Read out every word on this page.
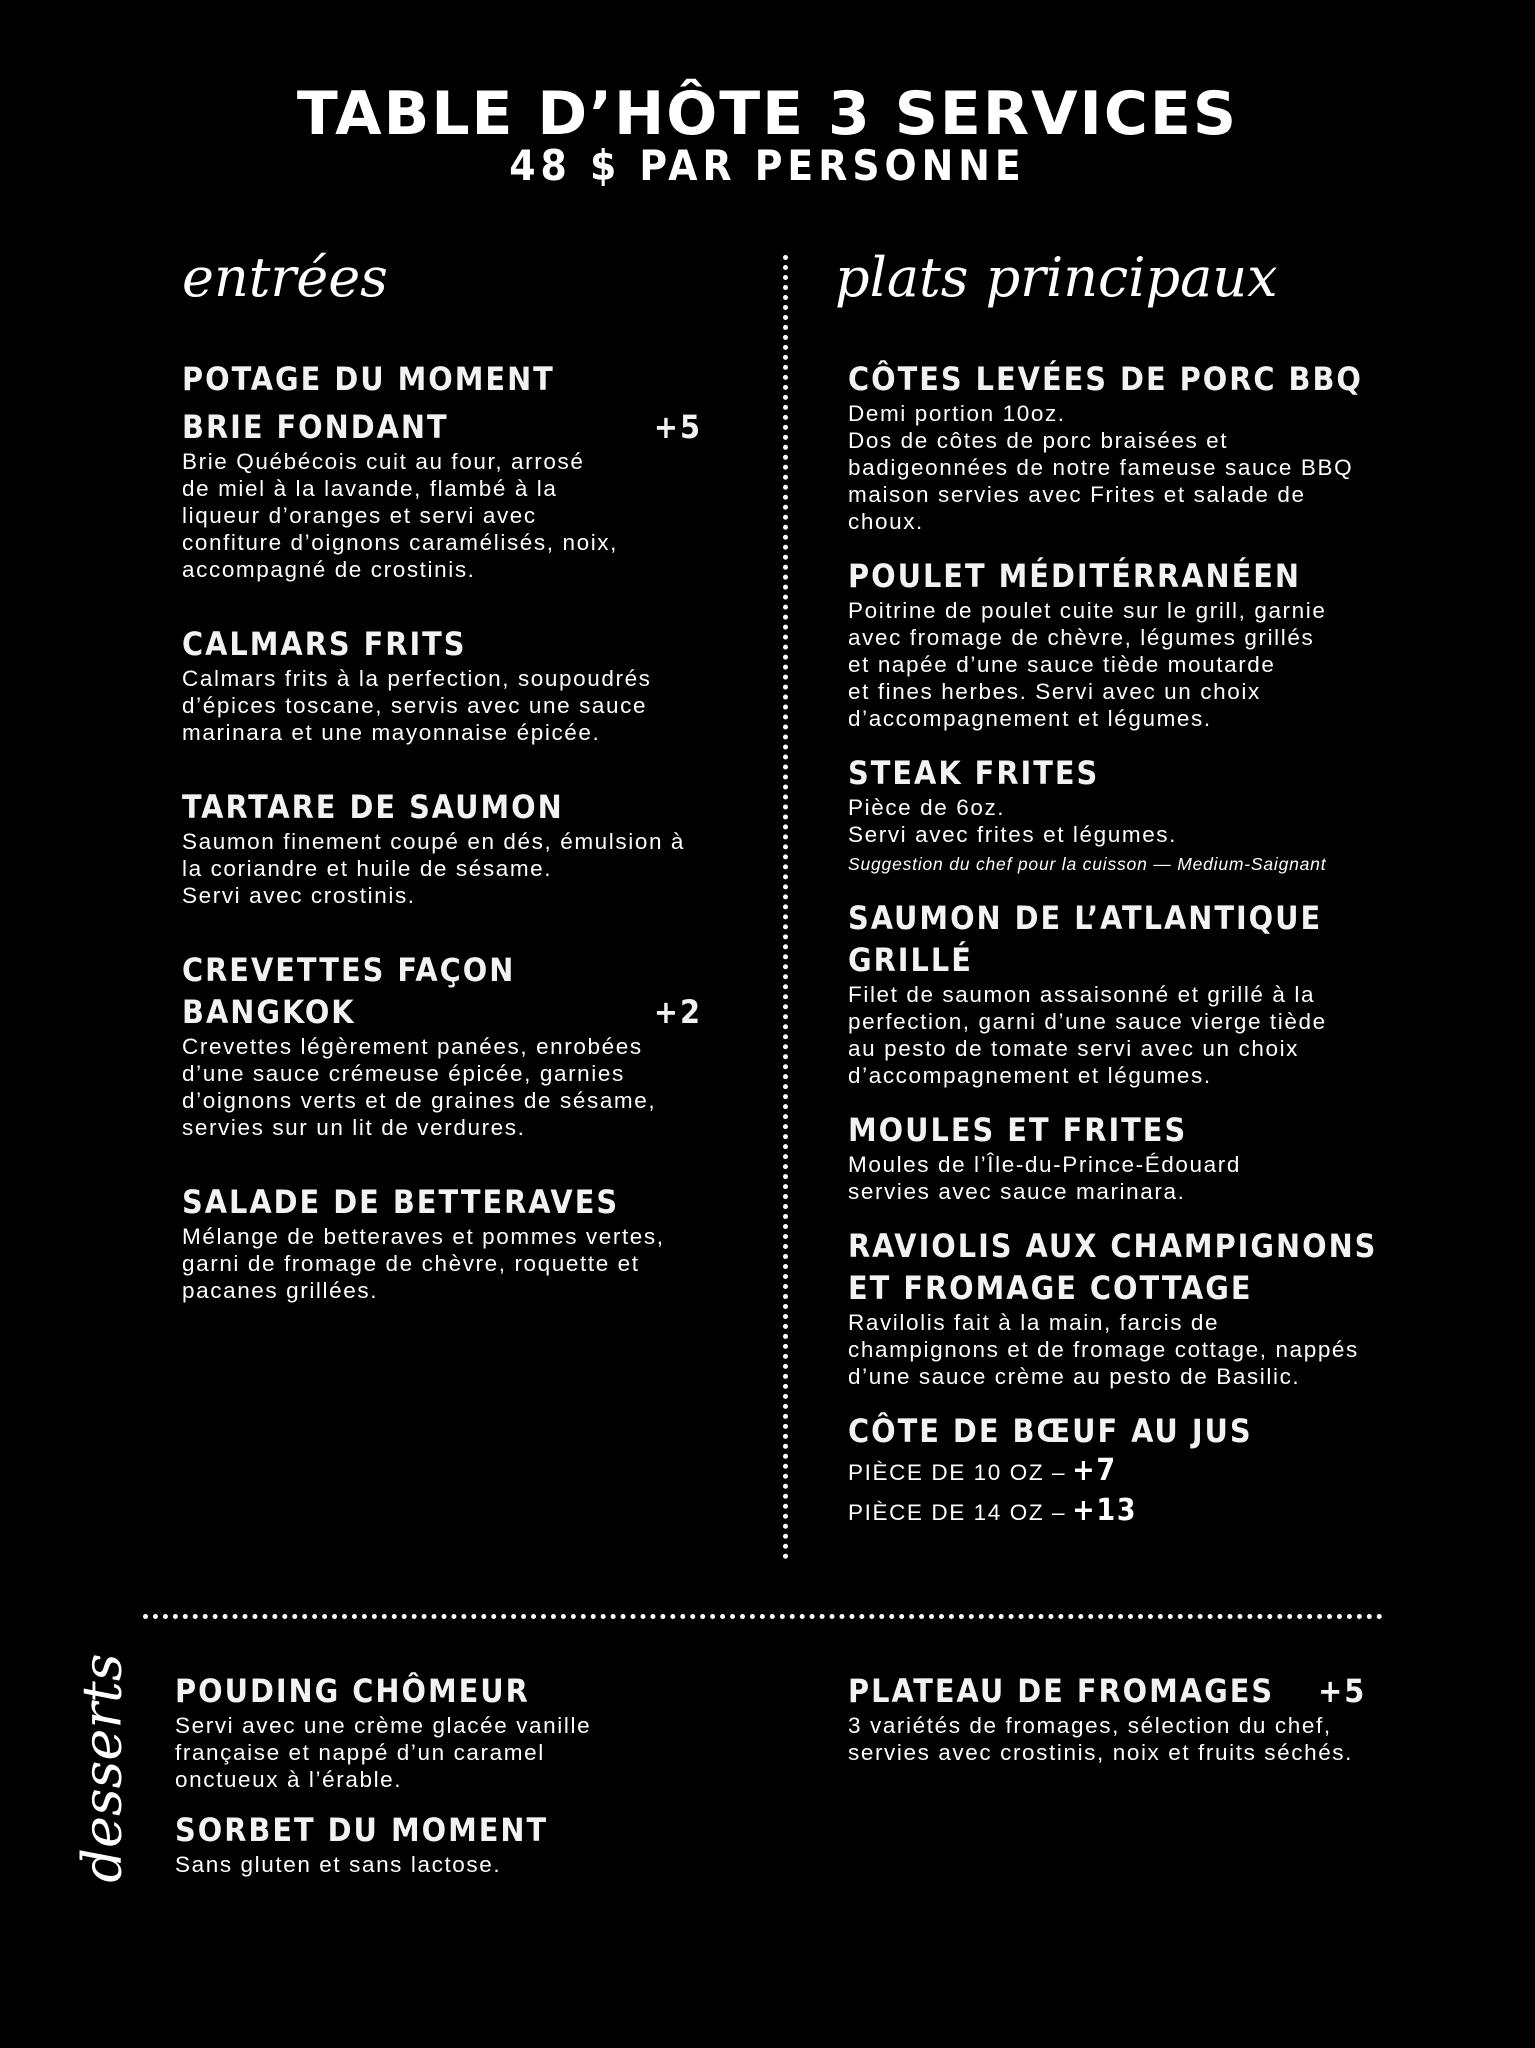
TABLE D’HÔTE 3 SERVICES
48 $ PAR PERSONNE
entrées	plats principaux
POTAGE DU MOMENT
BRIE FONDANT	+5
Brie Québécois cuit au four, arrosé
de miel à la lavande, flambé à la
liqueur d’oranges et servi avec
confiture d’oignons caramélisés, noix,
accompagné de crostinis.
CALMARS FRITS
Calmars frits à la perfection, soupoudrés
d’épices toscane, servis avec une sauce
marinara et une mayonnaise épicée.
TARTARE DE SAUMON
Saumon finement coupé en dés, émulsion à
la coriandre et huile de sésame.
Servi avec crostinis.
CREVETTES FAÇON
BANGKOK	+2
Crevettes légèrement panées, enrobées
d’une sauce crémeuse épicée, garnies
d’oignons verts et de graines de sésame,
servies sur un lit de verdures.
SALADE DE BETTERAVES
Mélange de betteraves et pommes vertes,
garni de fromage de chèvre, roquette et
pacanes grillées.
CÔTES LEVÉES DE PORC BBQ
Demi portion 10oz.
Dos de côtes de porc braisées et
badigeonnées de notre fameuse sauce BBQ
maison servies avec Frites et salade de
choux.
POULET MÉDITÉRRANÉEN
Poitrine de poulet cuite sur le grill, garnie
avec fromage de chèvre, légumes grillés
et napée d’une sauce tiède moutarde
et fines herbes. Servi avec un choix
d’accompagnement et légumes.
STEAK FRITES
Pièce de 6oz.
Servi avec frites et légumes.
Suggestion du chef pour la cuisson — Medium-Saignant
SAUMON DE L’ATLANTIQUE GRILLÉ
Filet de saumon assaisonné et grillé à la
perfection, garni d’une sauce vierge tiède
au pesto de tomate servi avec un choix
d’accompagnement et légumes.
MOULES ET FRITES
Moules de l’Île-du-Prince-Édouard
servies avec sauce marinara.
RAVIOLIS AUX CHAMPIGNONS
ET FROMAGE COTTAGE
Ravilolis fait à la main, farcis de
champignons et de fromage cottage, nappés
d’une sauce crème au pesto de Basilic.
CÔTE DE BŒUF AU JUS
PIÈCE DE 10 OZ – +7
PIÈCE DE 14 OZ – +13
desserts POUDING CHÔMEUR
Servi avec une crème glacée vanille
française et nappé d’un caramel
onctueux à l’érable.
SORBET DU MOMENT
Sans gluten et sans lactose.
PLATEAU DE FROMAGES +5
3 variétés de fromages, sélection du chef,
servies avec crostinis, noix et fruits séchés.
